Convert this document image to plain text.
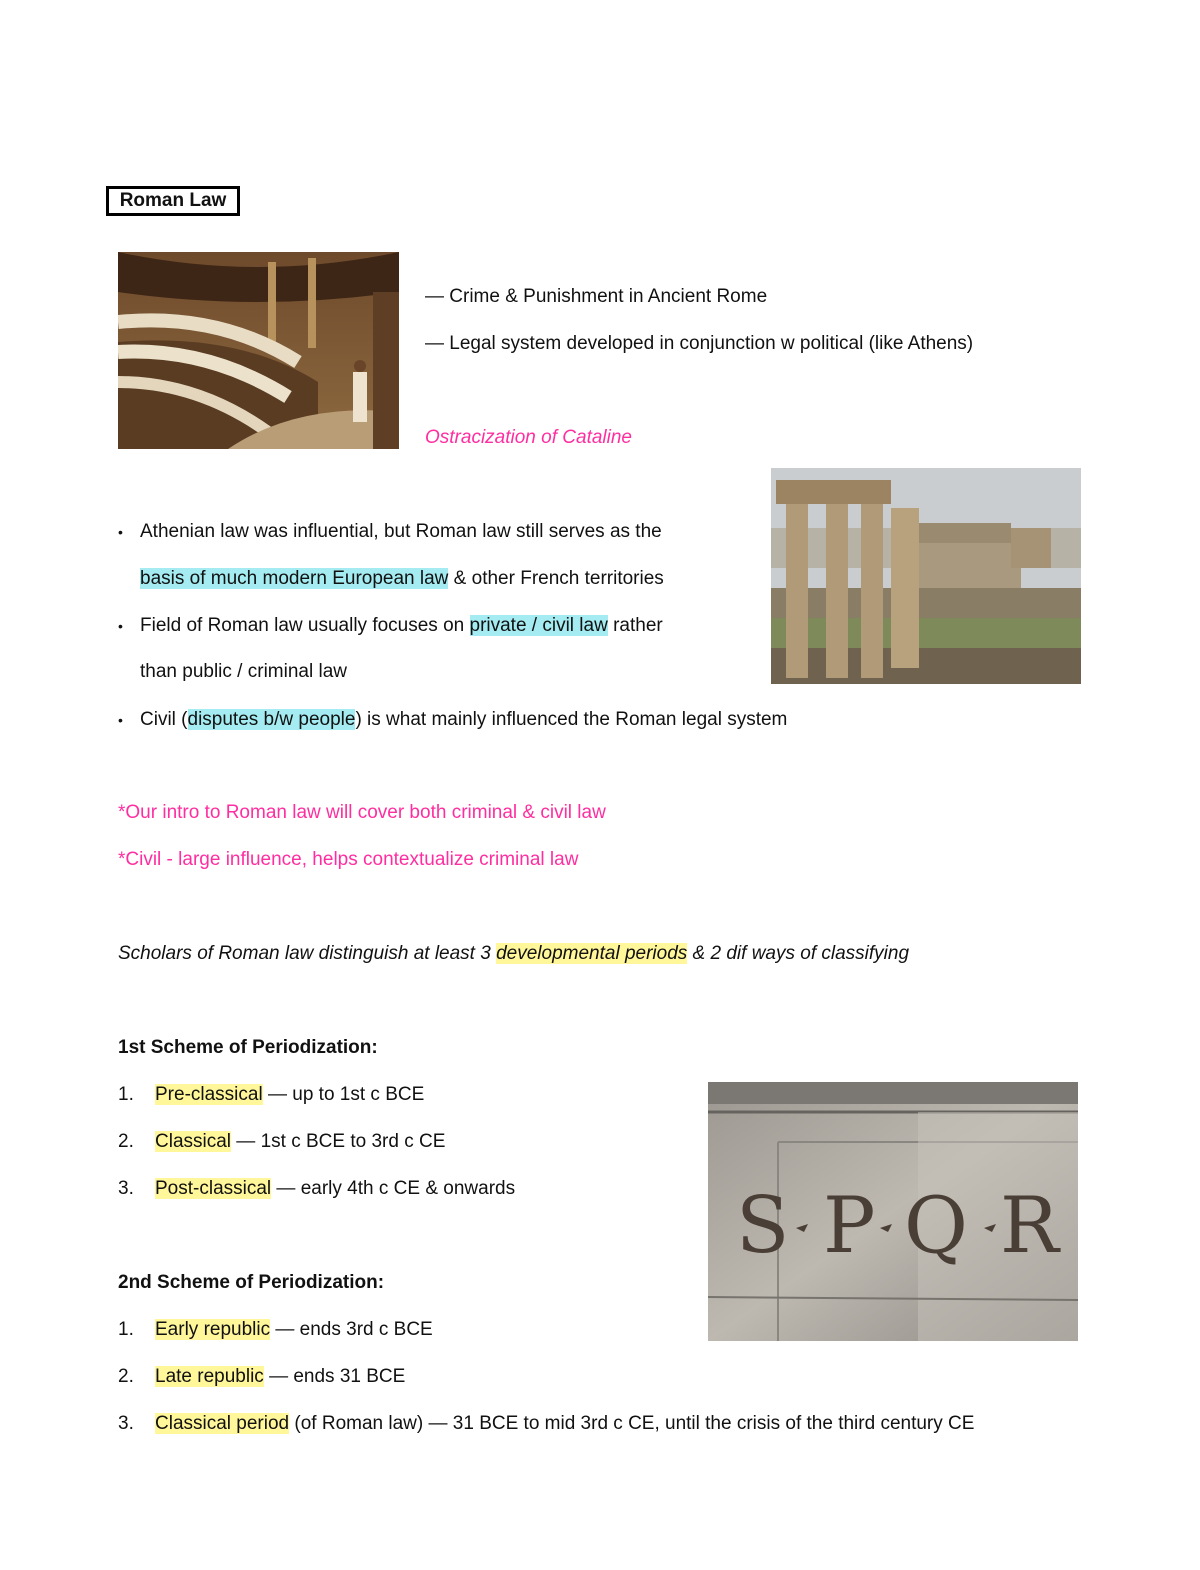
Roman Law
— Crime & Punishment in Ancient Rome
— Legal system developed in conjunction w political (like Athens)
Ostracization of Cataline
• Athenian law was influential, but Roman law still serves as the
basis of much modern European law & other French territories
• Field of Roman law usually focuses on private / civil law rather
than public / criminal law
• Civil (disputes b/w people) is what mainly influenced the Roman legal system
*Our intro to Roman law will cover both criminal & civil law
*Civil - large influence, helps contextualize criminal law
Scholars of Roman law distinguish at least 3 developmental periods & 2 dif ways of classifying
1st Scheme of Periodization:
1. Pre-classical — up to 1st c BCE
2. Classical — 1st c BCE to 3rd c CE
3. Post-classical — early 4th c CE & onwards	S P Q R
2nd Scheme of Periodization:
1. Early republic — ends 3rd c BCE
2. Late republic — ends 31 BCE
3. Classical period (of Roman law) — 31 BCE to mid 3rd c CE, until the crisis of the third century CE
